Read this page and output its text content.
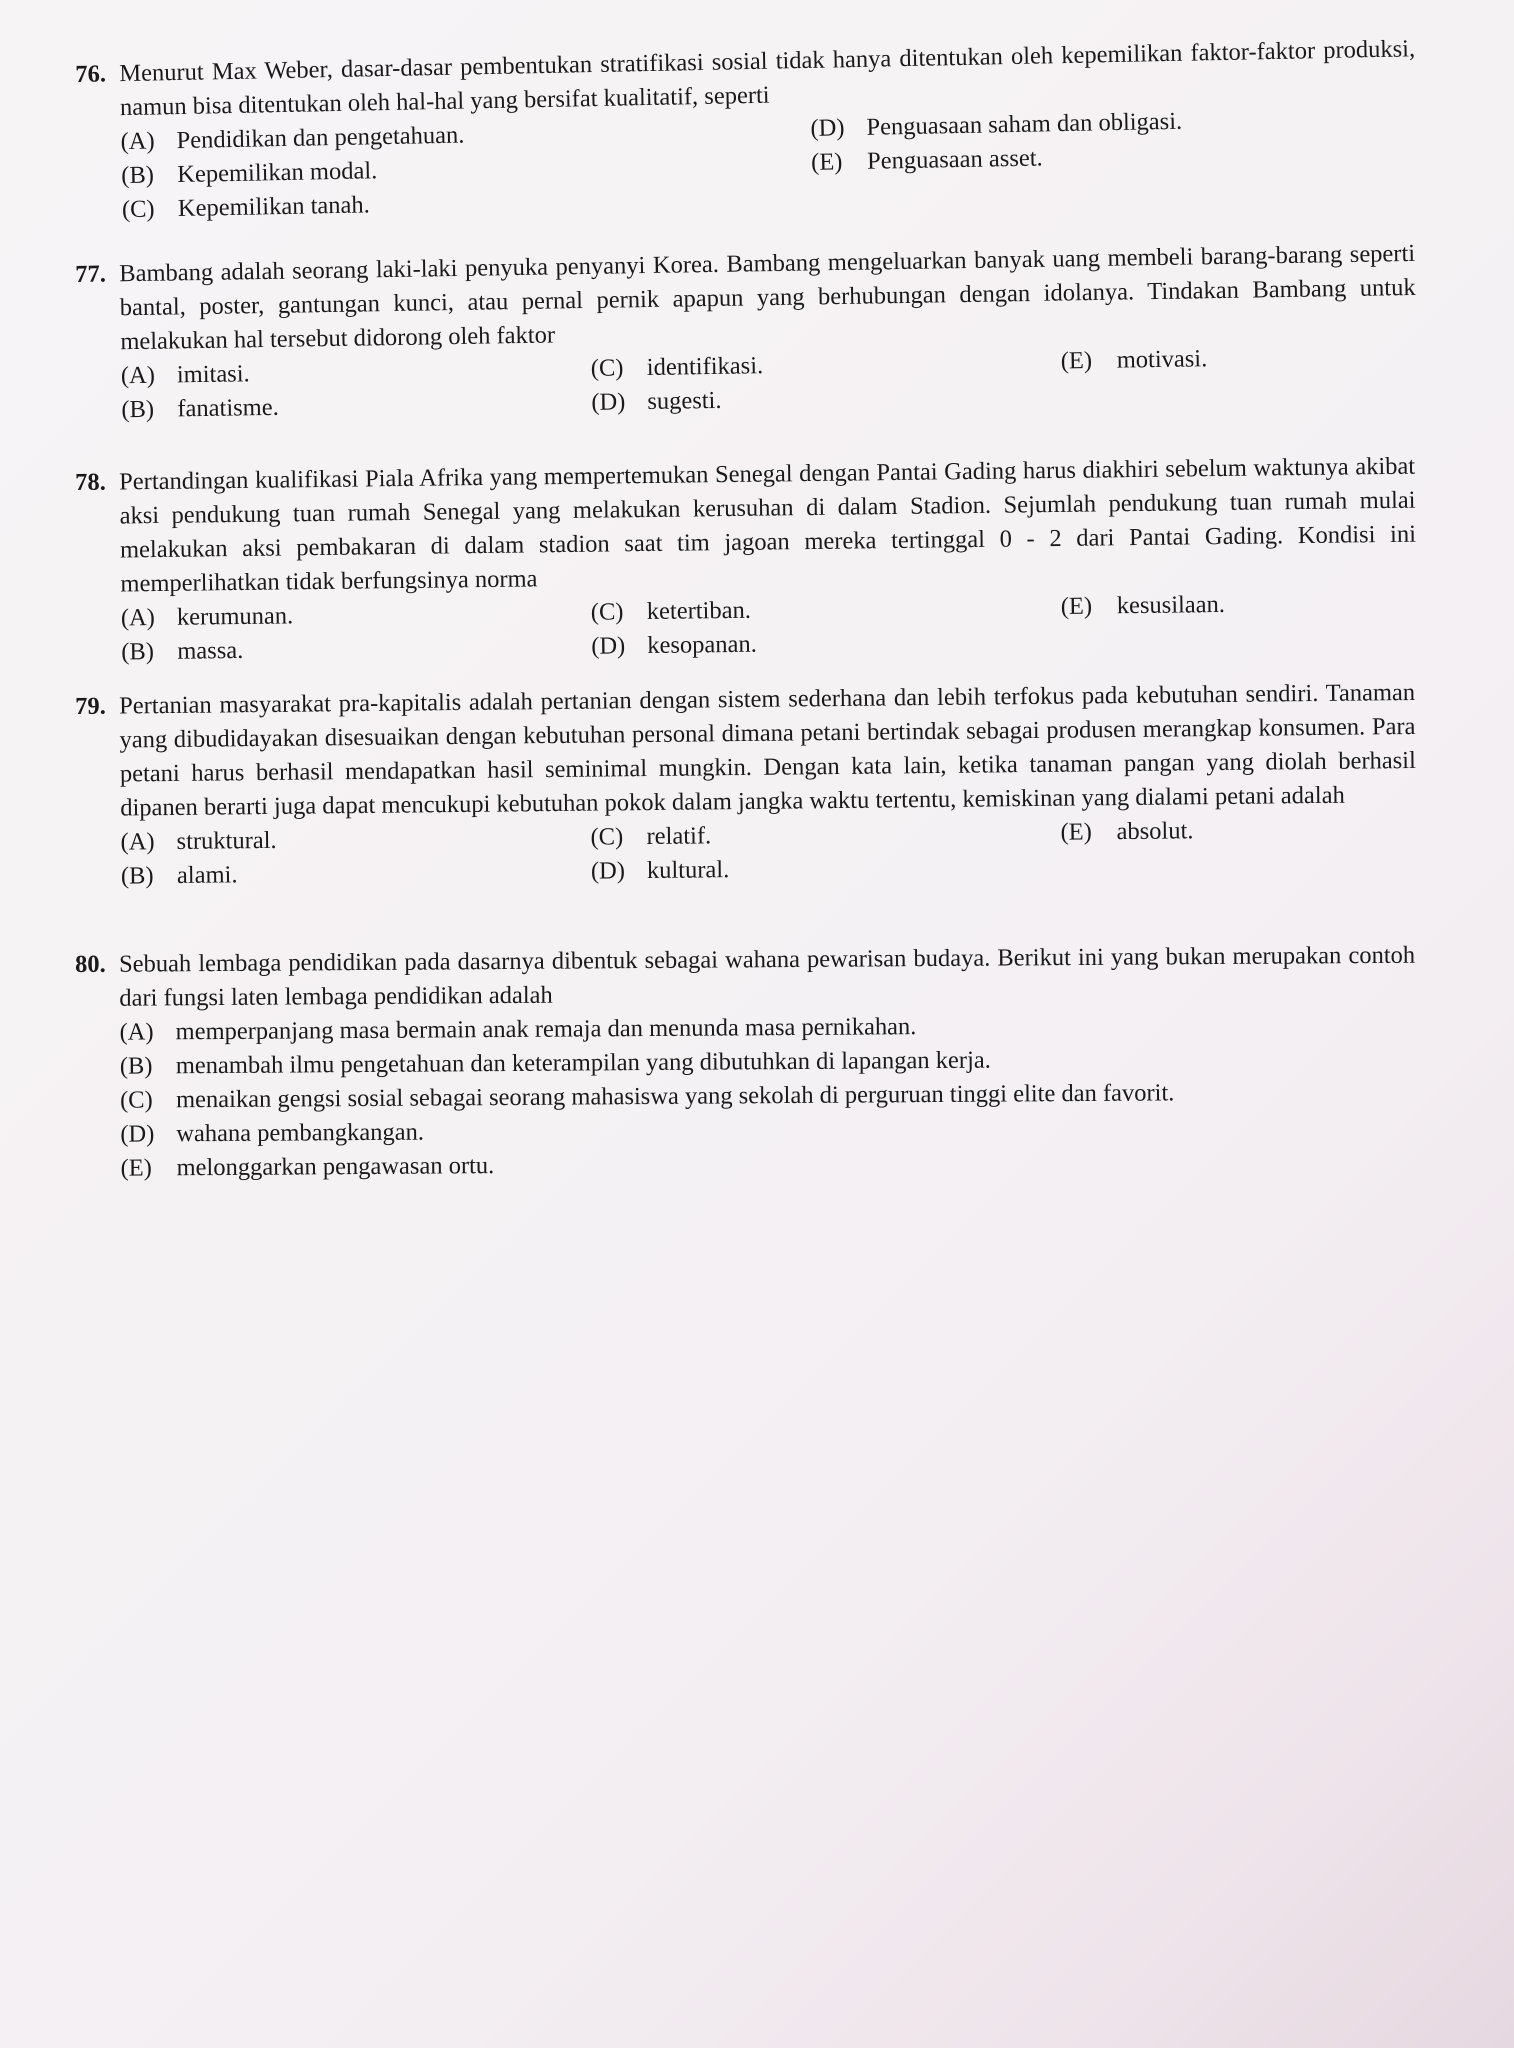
76. Menurut Max Weber, dasar-dasar pembentukan stratifikasi sosial tidak hanya ditentukan oleh kepemilikan faktor-faktor produksi, namun bisa ditentukan oleh hal-hal yang bersifat kualitatif, seperti
(A) Pendidikan dan pengetahuan.	(D) Penguasaan saham dan obligasi.
(B) Kepemilikan modal.	(E) Penguasaan asset.
(C) Kepemilikan tanah.
77. Bambang adalah seorang laki-laki penyuka penyanyi Korea. Bambang mengeluarkan banyak uang membeli barang-barang seperti bantal, poster, gantungan kunci, atau pernal pernik apapun yang berhubungan dengan idolanya. Tindakan Bambang untuk melakukan hal tersebut didorong oleh faktor
(A) imitasi.	(C) identifikasi.	(E) motivasi.
(B) fanatisme.	(D) sugesti.
78. Pertandingan kualifikasi Piala Afrika yang mempertemukan Senegal dengan Pantai Gading harus diakhiri sebelum waktunya akibat aksi pendukung tuan rumah Senegal yang melakukan kerusuhan di dalam Stadion. Sejumlah pendukung tuan rumah mulai melakukan aksi pembakaran di dalam stadion saat tim jagoan mereka tertinggal 0 - 2 dari Pantai Gading. Kondisi ini memperlihatkan tidak berfungsinya norma
(A) kerumunan.	(C) ketertiban.	(E) kesusilaan.
(B) massa.	(D) kesopanan.
79. Pertanian masyarakat pra-kapitalis adalah pertanian dengan sistem sederhana dan lebih terfokus pada kebutuhan sendiri. Tanaman yang dibudidayakan disesuaikan dengan kebutuhan personal dimana petani bertindak sebagai produsen merangkap konsumen. Para petani harus berhasil mendapatkan hasil seminimal mungkin. Dengan kata lain, ketika tanaman pangan yang diolah berhasil dipanen berarti juga dapat mencukupi kebutuhan pokok dalam jangka waktu tertentu, kemiskinan yang dialami petani adalah
(A) struktural.	(C) relatif.	(E) absolut.
(B) alami.	(D) kultural.
80. Sebuah lembaga pendidikan pada dasarnya dibentuk sebagai wahana pewarisan budaya. Berikut ini yang bukan merupakan contoh dari fungsi laten lembaga pendidikan adalah
(A) memperpanjang masa bermain anak remaja dan menunda masa pernikahan.
(B) menambah ilmu pengetahuan dan keterampilan yang dibutuhkan di lapangan kerja.
(C) menaikan gengsi sosial sebagai seorang mahasiswa yang sekolah di perguruan tinggi elite dan favorit.
(D) wahana pembangkangan.
(E)	melonggarkan pengawasan ortu.
